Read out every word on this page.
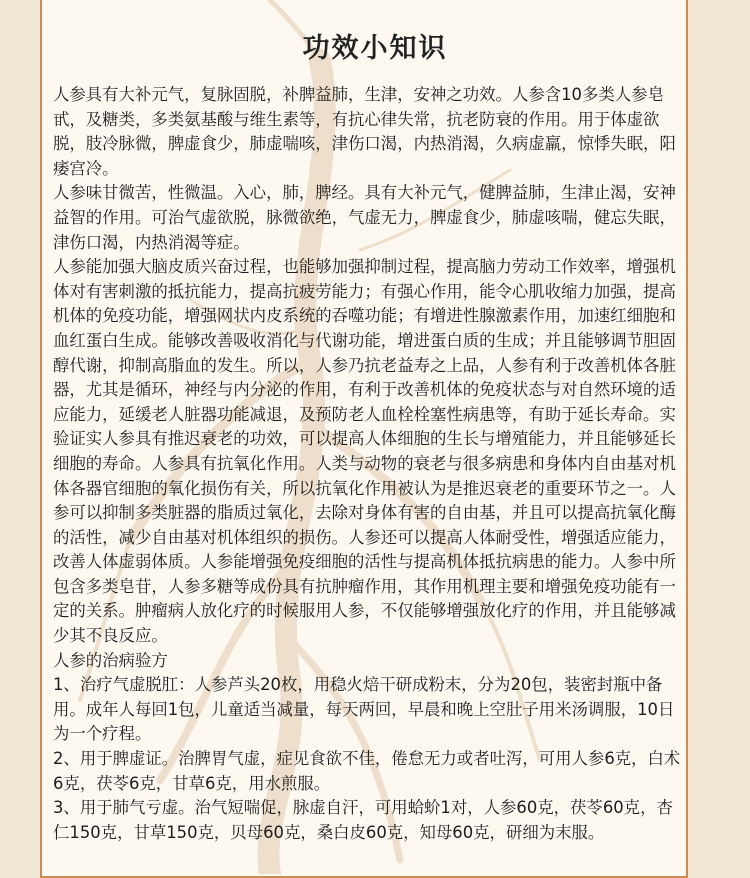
功效小知识

人参具有大补元气，复脉固脱，补脾益肺，生津，安神之功效。人参含10多类人参皂甙，及糖类，多类氨基酸与维生素等，有抗心律失常，抗老防衰的作用。用于体虚欲脱，肢冷脉微，脾虚食少，肺虚喘咳，津伤口渴，内热消渴，久病虚羸，惊悸失眠，阳痿宫冷。

人参味甘微苦，性微温。入心，肺，脾经。具有大补元气，健脾益肺，生津止渴，安神益智的作用。可治气虚欲脱，脉微欲绝，气虚无力，脾虚食少，肺虚咳喘，健忘失眠，津伤口渴，内热消渴等症。

人参能加强大脑皮质兴奋过程，也能够加强抑制过程，提高脑力劳动工作效率，增强机体对有害刺激的抵抗能力，提高抗疲劳能力；有强心作用，能令心肌收缩力加强，提高机体的免疫功能，增强网状内皮系统的吞噬功能；有增进性腺激素作用，加速红细胞和血红蛋白生成。能够改善吸收消化与代谢功能，增进蛋白质的生成；并且能够调节胆固醇代谢，抑制高脂血的发生。所以，人参乃抗老益寿之上品，人参有利于改善机体各脏器，尤其是循环，神经与内分泌的作用，有利于改善机体的免疫状态与对自然环境的适应能力，延缓老人脏器功能减退，及预防老人血栓栓塞性病患等，有助于延长寿命。实验证实人参具有推迟衰老的功效，可以提高人体细胞的生长与增殖能力，并且能够延长细胞的寿命。人参具有抗氧化作用。人类与动物的衰老与很多病患和身体内自由基对机体各器官细胞的氧化损伤有关，所以抗氧化作用被认为是推迟衰老的重要环节之一。人参可以抑制多类脏器的脂质过氧化，去除对身体有害的自由基，并且可以提高抗氧化酶的活性，减少自由基对机体组织的损伤。人参还可以提高人体耐受性，增强适应能力，改善人体虚弱体质。人参能增强免疫细胞的活性与提高机体抵抗病患的能力。人参中所包含多类皂苷，人参多糖等成份具有抗肿瘤作用，其作用机理主要和增强免疫功能有一定的关系。肿瘤病人放化疗的时候服用人参，不仅能够增强放化疗的作用，并且能够减少其不良反应。

人参的治病验方

1、治疗气虚脱肛：人参芦头20枚，用稳火焙干研成粉末，分为20包，装密封瓶中备用。成年人每回1包，儿童适当减量，每天两回，早晨和晚上空肚子用米汤调服，10日为一个疗程。

2、用于脾虚证。治脾胃气虚，症见食欲不佳，倦怠无力或者吐泻，可用人参6克，白术6克，茯苓6克，甘草6克，用水煎服。

3、用于肺气亏虚。治气短喘促，脉虚自汗，可用蛤蚧1对，人参60克，茯苓60克，杏仁150克，甘草150克，贝母60克，桑白皮60克，知母60克，研细为末服。
